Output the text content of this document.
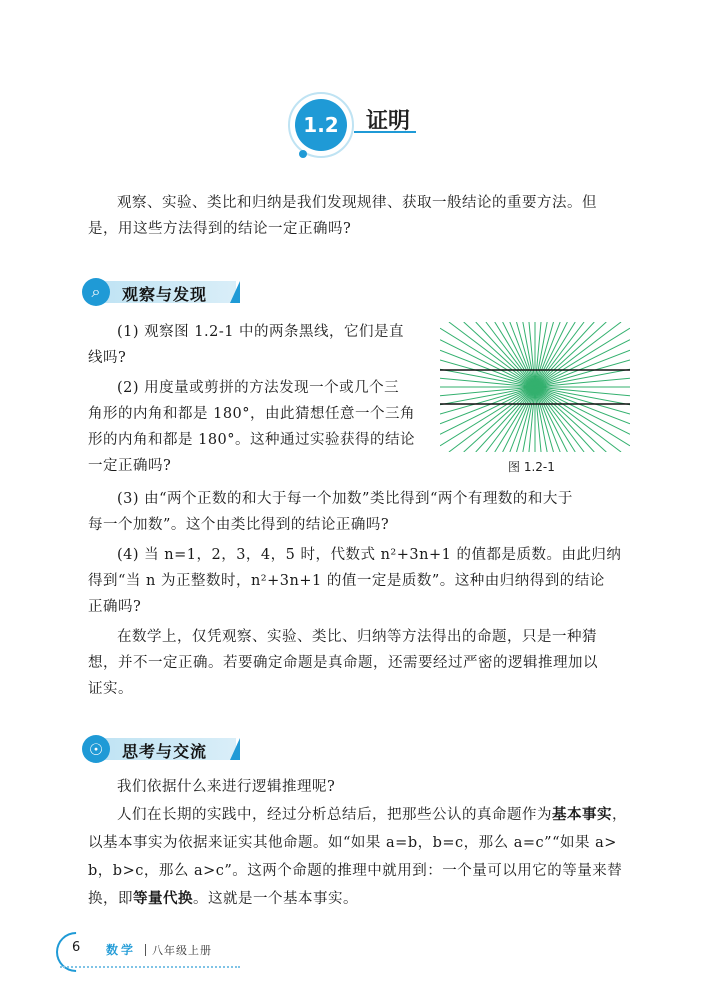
1.2	证明
观察、实验、类比和归纳是我们发现规律、获取一般结论的重要方法。但
是，用这些方法得到的结论一定正确吗?
⌕	观察与发现
(1) 观察图 1.2-1 中的两条黑线，它们是直
线吗?
(2) 用度量或剪拼的方法发现一个或几个三
角形的内角和都是 180°，由此猜想任意一个三角
形的内角和都是 180°。这种通过实验获得的结论
一定正确吗?	图 1.2-1
(3) 由“两个正数的和大于每一个加数”类比得到“两个有理数的和大于
每一个加数”。这个由类比得到的结论正确吗?
(4) 当 n=1，2，3，4，5 时，代数式 n²+3n+1 的值都是质数。由此归纳
得到“当 n 为正整数时，n²+3n+1 的值一定是质数”。这种由归纳得到的结论
正确吗?
在数学上，仅凭观察、实验、类比、归纳等方法得出的命题，只是一种猜
想，并不一定正确。若要确定命题是真命题，还需要经过严密的逻辑推理加以
证实。
☉	思考与交流
我们依据什么来进行逻辑推理呢?
人们在长期的实践中，经过分析总结后，把那些公认的真命题作为基本事实，
以基本事实为依据来证实其他命题。如“如果 a=b，b=c，那么 a=c”“如果 a>
b，b>c，那么 a>c”。这两个命题的推理中就用到：一个量可以用它的等量来替
换，即等量代换。这就是一个基本事实。
6 数学 八年级上册
